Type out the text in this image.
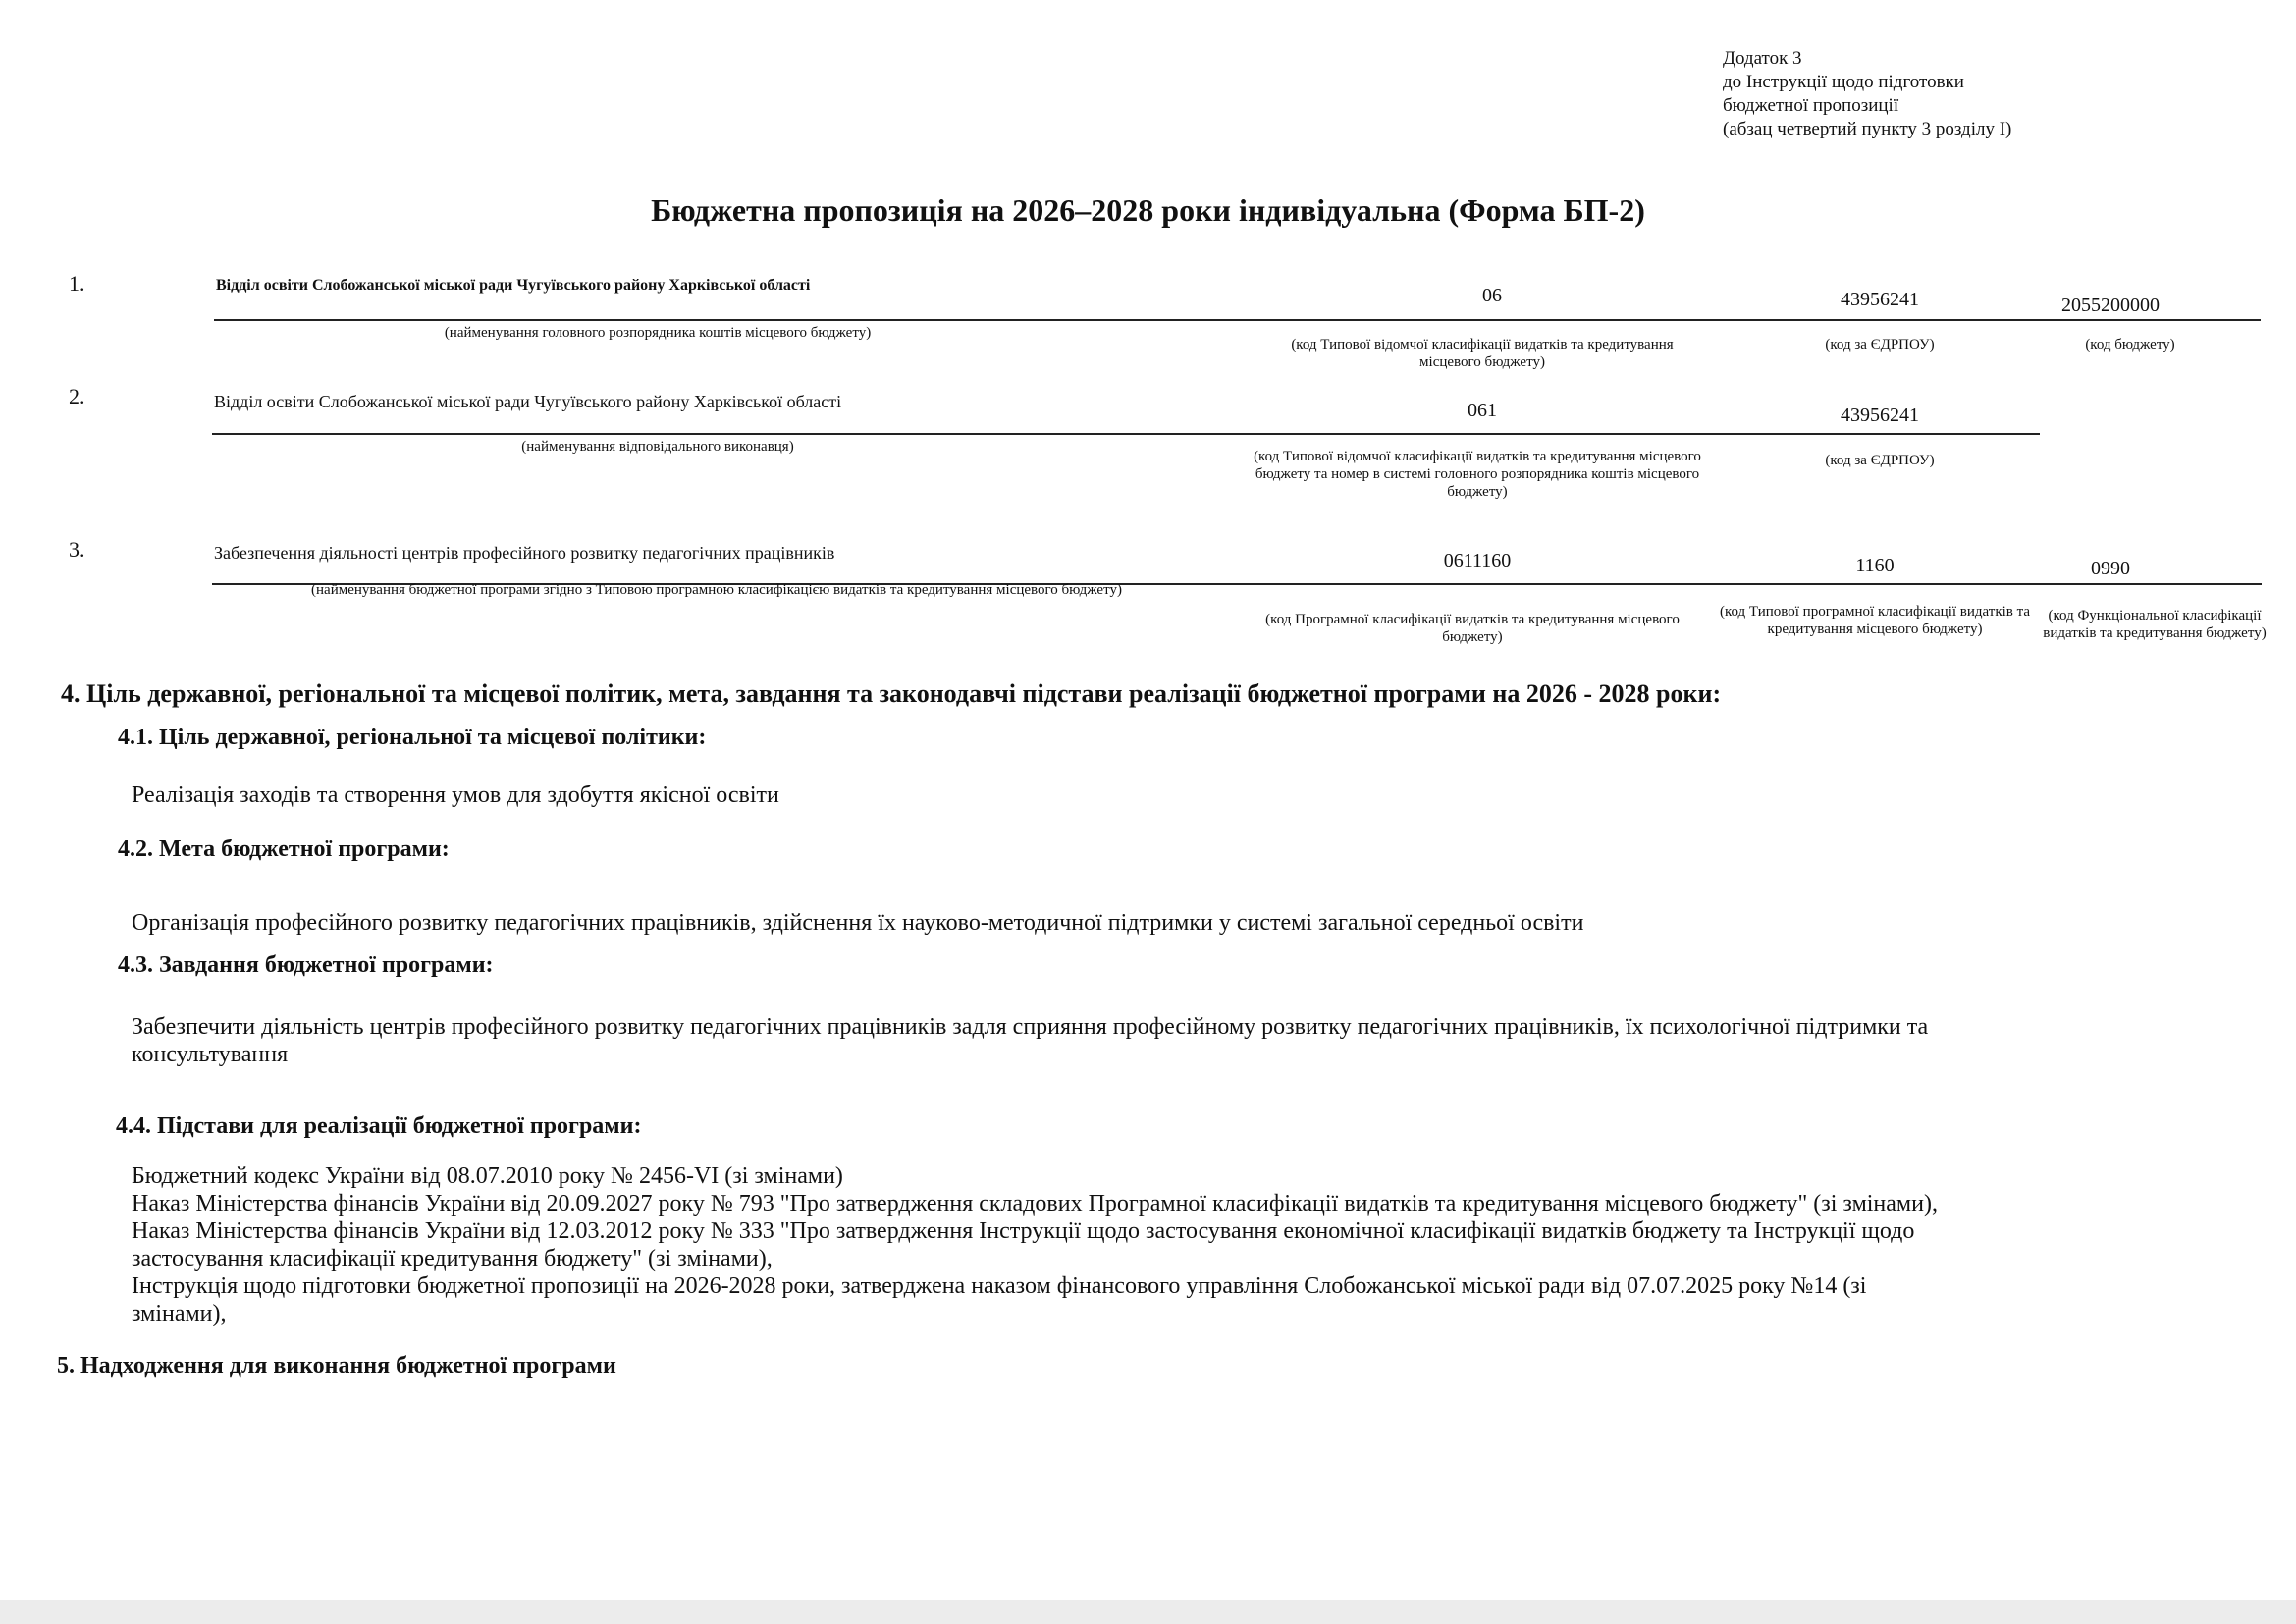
Додаток 3
до Інструкції щодо підготовки
бюджетної пропозиції
(абзац четвертий пункту 3 розділу I)
Бюджетна пропозиція на 2026–2028 роки індивідуальна (Форма БП-2)
1.	Відділ освіти Слобожанської міської ради Чугуївського району Харківської області	06	43956241	2055200000
(найменування головного розпорядника коштів місцевого бюджету)
(код Типової відомчої класифікації видатків та кредитування місцевого бюджету)
(код за ЄДРПОУ)	(код бюджету)
2.	Відділ освіти Слобожанської міської ради Чугуївського району Харківської області	061	43956241
(найменування відповідального виконавця)
(код Типової відомчої класифікації видатків та кредитування місцевого бюджету та номер в системі головного розпорядника коштів місцевого бюджету)
(код за ЄДРПОУ)
3.	Забезпечення діяльності центрів професійного розвитку педагогічних працівників	0611160	1160	0990
(найменування бюджетної програми згідно з Типовою програмною класифікацією видатків та кредитування місцевого бюджету)
(код Програмної класифікації видатків та кредитування місцевого бюджету)
(код Типової програмної класифікації видатків та кредитування місцевого бюджету)
(код Функціональної класифікації видатків та кредитування бюджету)
4. Ціль державної, регіональної та місцевої політик, мета, завдання та законодавчі підстави реалізації бюджетної програми на 2026 - 2028 роки:
4.1. Ціль державної, регіональної та місцевої політики:
Реалізація заходів та створення умов для здобуття якісної освіти
4.2. Мета бюджетної програми:
Організація професійного розвитку педагогічних працівників, здійснення їх науково-методичної підтримки у системі загальної середньої освіти
4.3. Завдання бюджетної програми:
Забезпечити діяльність центрів професійного розвитку педагогічних працівників задля сприяння професійному розвитку педагогічних працівників, їх психологічної підтримки та
консультування
4.4. Підстави для реалізації бюджетної програми:
Бюджетний кодекс України від 08.07.2010 року № 2456-VI (зі змінами)
Наказ Міністерства фінансів України від 20.09.2027 року № 793 "Про затвердження складових Програмної класифікації видатків та кредитування місцевого бюджету" (зі змінами),
Наказ Міністерства фінансів України від 12.03.2012 року № 333 "Про затвердження Інструкції щодо застосування економічної класифікації видатків бюджету та Інструкції щодо
застосування класифікації кредитування бюджету" (зі змінами),
Інструкція щодо підготовки бюджетної пропозиції на 2026-2028 роки, затверджена наказом фінансового управління Слобожанської міської ради від 07.07.2025 року №14 (зі
змінами),
5. Надходження для виконання бюджетної програми
